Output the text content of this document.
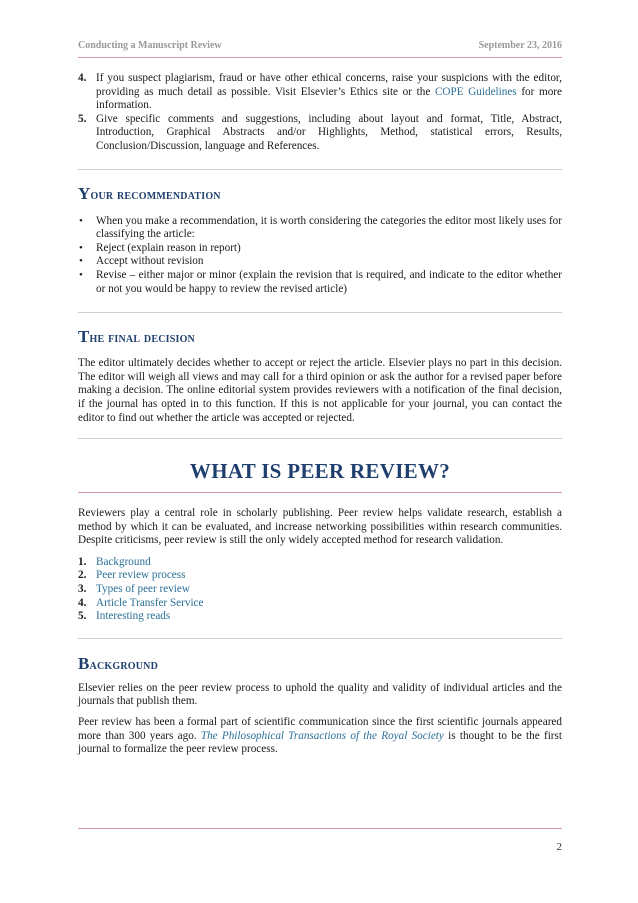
Conducting a Manuscript Review	September 23, 2016
4. If you suspect plagiarism, fraud or have other ethical concerns, raise your suspicions with the editor, providing as much detail as possible. Visit Elsevier’s Ethics site or the COPE Guidelines for more information.
5. Give specific comments and suggestions, including about layout and format, Title, Abstract, Introduction, Graphical Abstracts and/or Highlights, Method, statistical errors, Results, Conclusion/Discussion, language and References.
Your recommendation
• When you make a recommendation, it is worth considering the categories the editor most likely uses for classifying the article:
• Reject (explain reason in report)
• Accept without revision
• Revise – either major or minor (explain the revision that is required, and indicate to the editor whether or not you would be happy to review the revised article)
The final decision

The editor ultimately decides whether to accept or reject the article. Elsevier plays no part in this decision. The editor will weigh all views and may call for a third opinion or ask the author for a revised paper before making a decision. The online editorial system provides reviewers with a notification of the final decision, if the journal has opted in to this function. If this is not applicable for your journal, you can contact the editor to find out whether the article was accepted or rejected.

WHAT IS PEER REVIEW?

Reviewers play a central role in scholarly publishing. Peer review helps validate research, establish a method by which it can be evaluated, and increase networking possibilities within research communities. Despite criticisms, peer review is still the only widely accepted method for research validation.

1. Background
2. Peer review process
3. Types of peer review
4. Article Transfer Service
5. Interesting reads
Background

Elsevier relies on the peer review process to uphold the quality and validity of individual articles and the journals that publish them.

Peer review has been a formal part of scientific communication since the first scientific journals appeared more than 300 years ago. The Philosophical Transactions of the Royal Society is thought to be the first journal to formalize the peer review process.

2
